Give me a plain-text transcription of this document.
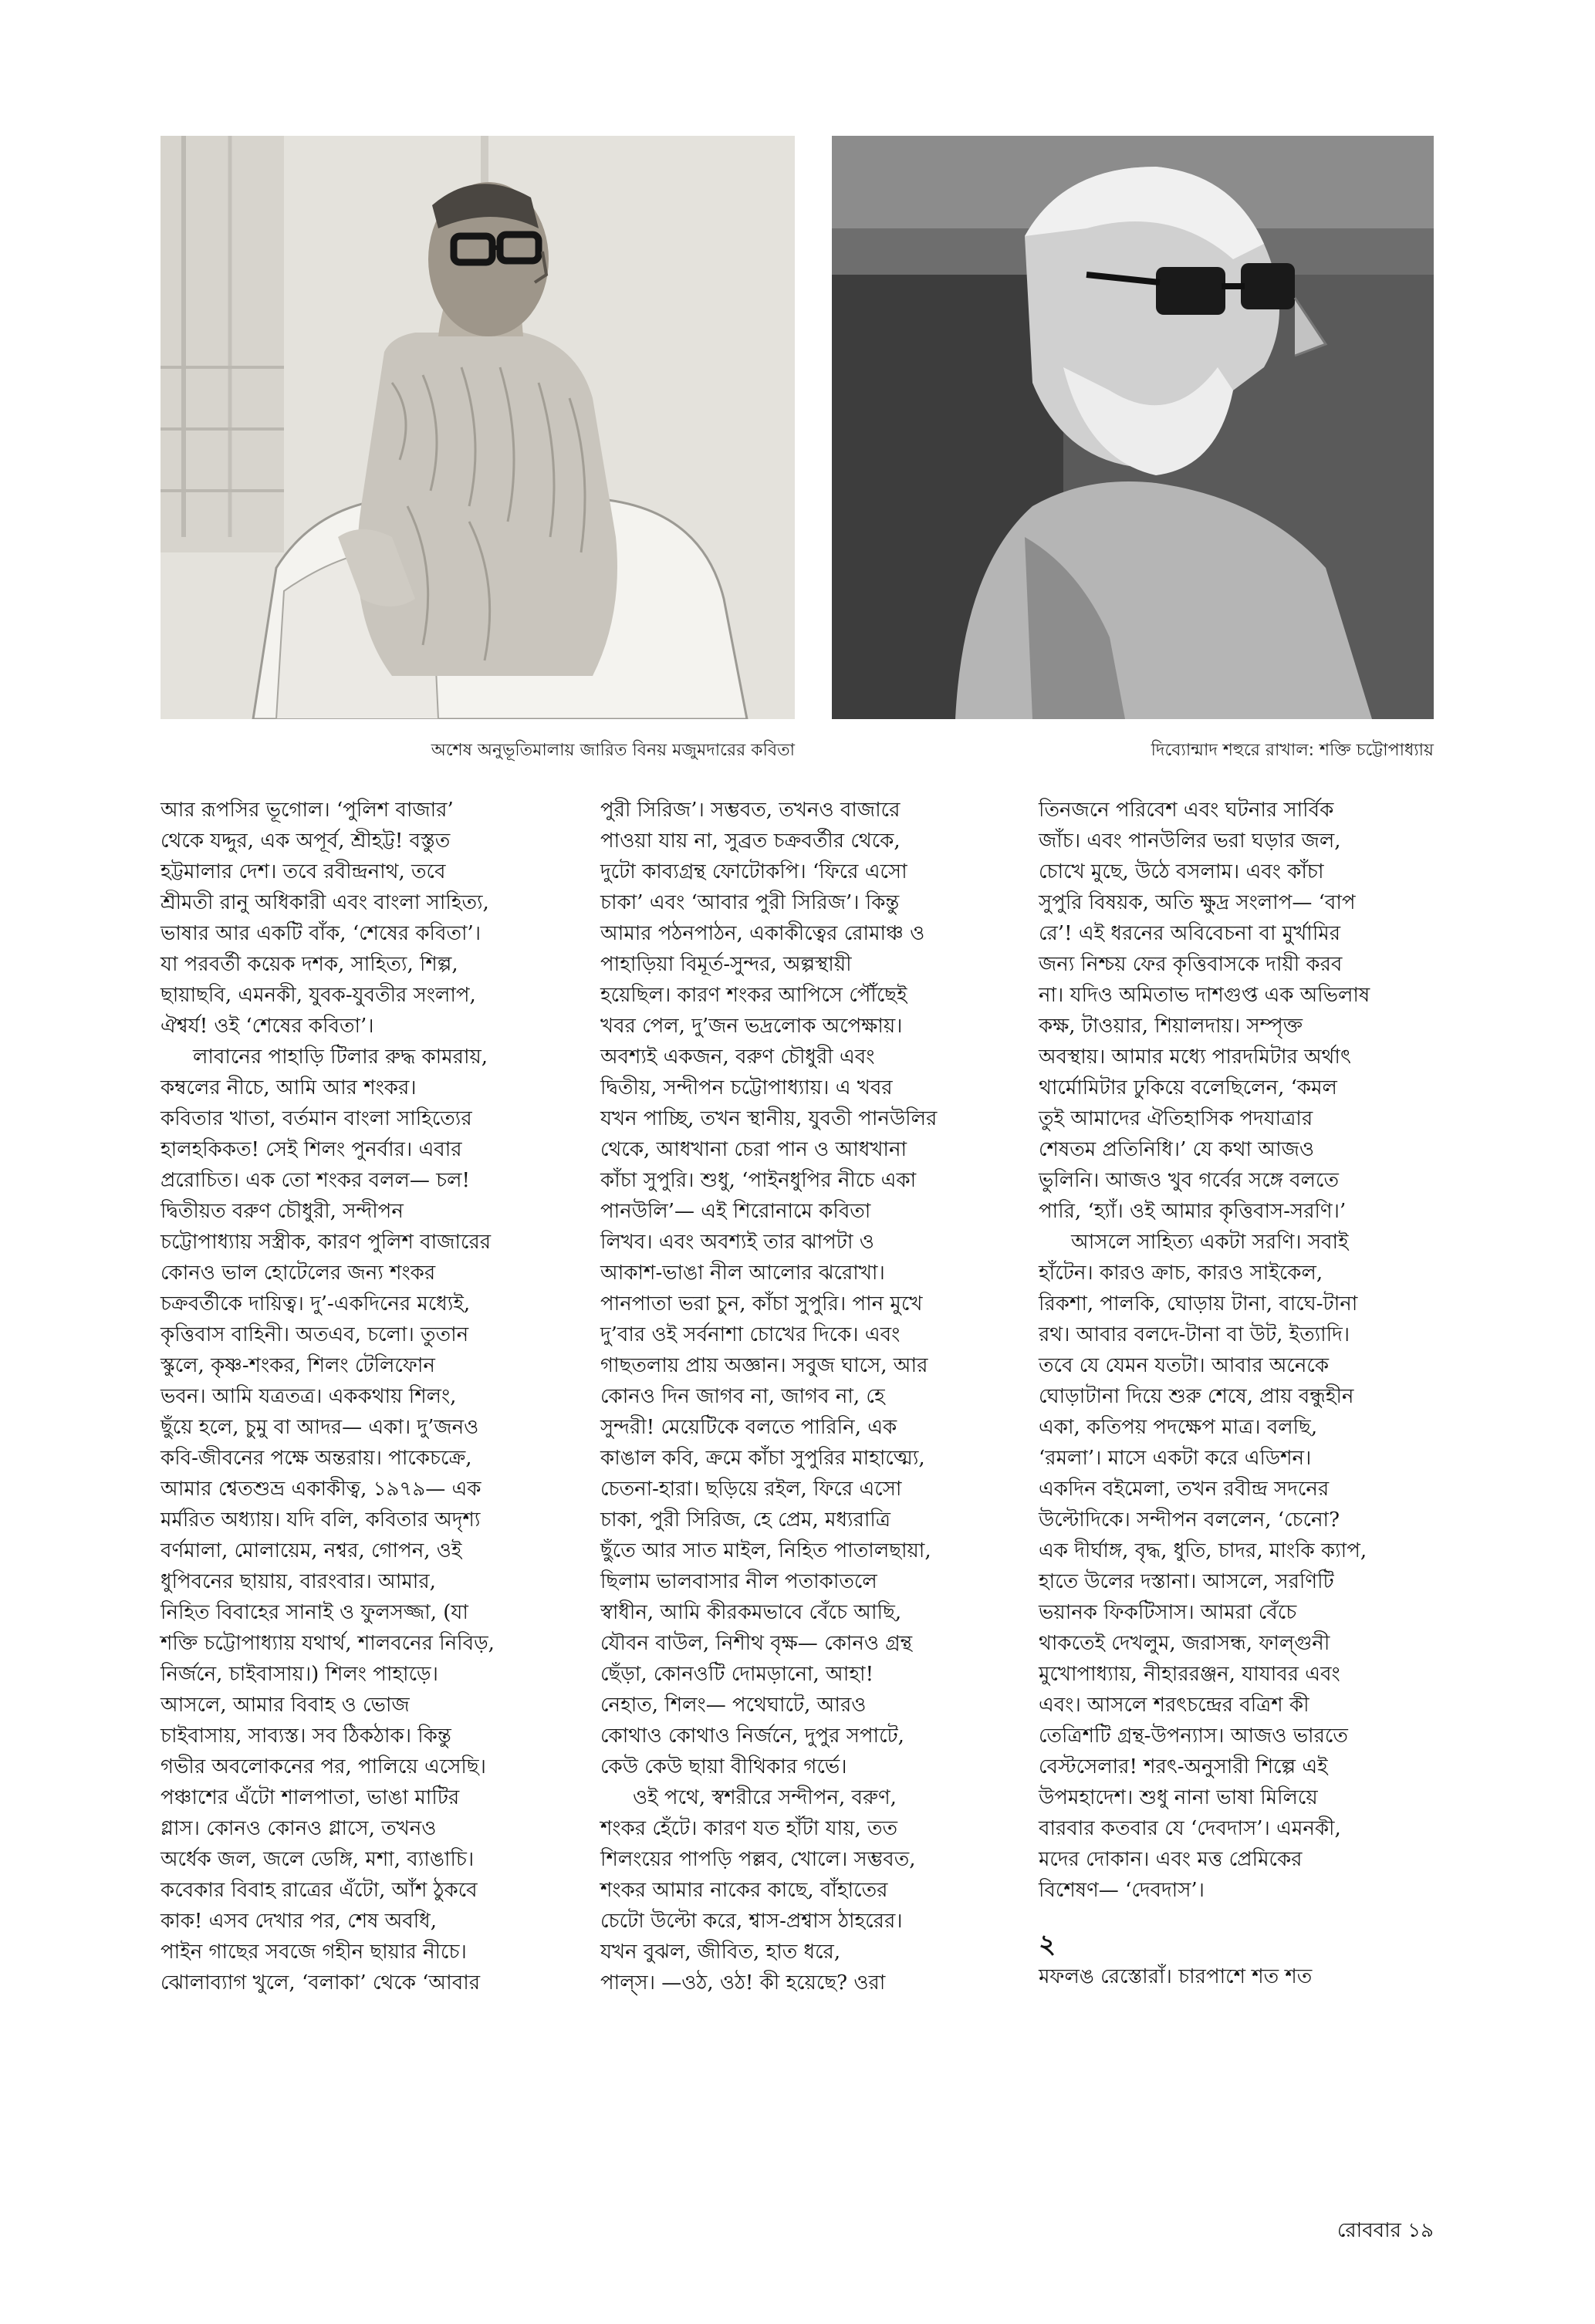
অশেষ অনুভূতিমালায় জারিত বিনয় মজুমদারের কবিতা	দিব্যোন্মাদ শহুরে রাখাল: শক্তি চট্টোপাধ্যায়
আর রূপসির ভূগোল। ‘পুলিশ বাজার’
থেকে যদ্দুর, এক অপূর্ব, শ্রীহট্ট! বস্তুত
হট্টমালার দেশ। তবে রবীন্দ্রনাথ, তবে
শ্রীমতী রানু অধিকারী এবং বাংলা সাহিত্য,
ভাষার আর একটি বাঁক, ‘শেষের কবিতা’।
যা পরবর্তী কয়েক দশক, সাহিত্য, শিল্প,
ছায়াছবি, এমনকী, যুবক-যুবতীর সংলাপ,
ঐশ্বর্য! ওই ‘শেষের কবিতা’।
লাবানের পাহাড়ি টিলার রুদ্ধ কামরায়,
কম্বলের নীচে, আমি আর শংকর।
কবিতার খাতা, বর্তমান বাংলা সাহিত্যের
হালহকিকত! সেই শিলং পুনর্বার। এবার
প্ররোচিত। এক তো শংকর বলল— চল!
দ্বিতীয়ত বরুণ চৌধুরী, সন্দীপন
চট্টোপাধ্যায় সস্ত্রীক, কারণ পুলিশ বাজারের
কোনও ভাল হোটেলের জন্য শংকর
চক্রবর্তীকে দায়িত্ব। দু’-একদিনের মধ্যেই,
কৃত্তিবাস বাহিনী। অতএব, চলো। তুতান
স্কুলে, কৃষ্ণ-শংকর, শিলং টেলিফোন
ভবন। আমি যত্রতত্র। এককথায় শিলং,
ছুঁয়ে হলে, চুমু বা আদর— একা। দু’জনও
কবি-জীবনের পক্ষে অন্তরায়। পাকেচক্রে,
আমার শ্বেতশুভ্র একাকীত্ব, ১৯৭৯— এক
মর্মরিত অধ্যায়। যদি বলি, কবিতার অদৃশ্য
বর্ণমালা, মোলায়েম, নশ্বর, গোপন, ওই
ধুপিবনের ছায়ায়, বারংবার। আমার,
নিহিত বিবাহের সানাই ও ফুলসজ্জা, (যা
শক্তি চট্টোপাধ্যায় যথার্থ, শালবনের নিবিড়,
নির্জনে, চাইবাসায়।) শিলং পাহাড়ে।
আসলে, আমার বিবাহ ও ভোজ
চাইবাসায়, সাব্যস্ত। সব ঠিকঠাক। কিন্তু
গভীর অবলোকনের পর, পালিয়ে এসেছি।
পঞ্চাশের এঁটো শালপাতা, ভাঙা মাটির
গ্লাস। কোনও কোনও গ্লাসে, তখনও
অর্ধেক জল, জলে ডেঙ্গি, মশা, ব্যাঙাচি।
কবেকার বিবাহ রাত্রের এঁটো, আঁশ ঠুকবে
কাক! এসব দেখার পর, শেষ অবধি,
পাইন গাছের সবজে গহীন ছায়ার নীচে।
ঝোলাব্যাগ খুলে, ‘বলাকা’ থেকে ‘আবার
পুরী সিরিজ’। সম্ভবত, তখনও বাজারে
পাওয়া যায় না, সুব্রত চক্রবর্তীর থেকে,
দুটো কাব্যগ্রন্থ ফোটোকপি। ‘ফিরে এসো
চাকা’ এবং ‘আবার পুরী সিরিজ’। কিন্তু
আমার পঠনপাঠন, একাকীত্বের রোমাঞ্চ ও
পাহাড়িয়া বিমূর্ত-সুন্দর, অল্পস্থায়ী
হয়েছিল। কারণ শংকর আপিসে পৌঁছেই
খবর পেল, দু’জন ভদ্রলোক অপেক্ষায়।
অবশ্যই একজন, বরুণ চৌধুরী এবং
দ্বিতীয়, সন্দীপন চট্টোপাধ্যায়। এ খবর
যখন পাচ্ছি, তখন স্থানীয়, যুবতী পানউলির
থেকে, আধখানা চেরা পান ও আধখানা
কাঁচা সুপুরি। শুধু, ‘পাইনধুপির নীচে একা
পানউলি’— এই শিরোনামে কবিতা
লিখব। এবং অবশ্যই তার ঝাপটা ও
আকাশ-ভাঙা নীল আলোর ঝরোখা।
পানপাতা ভরা চুন, কাঁচা সুপুরি। পান মুখে
দু’বার ওই সর্বনাশা চোখের দিকে। এবং
গাছতলায় প্রায় অজ্ঞান। সবুজ ঘাসে, আর
কোনও দিন জাগব না, জাগব না, হে
সুন্দরী! মেয়েটিকে বলতে পারিনি, এক
কাঙাল কবি, ক্রমে কাঁচা সুপুরির মাহাত্ম্যে,
চেতনা-হারা। ছড়িয়ে রইল, ফিরে এসো
চাকা, পুরী সিরিজ, হে প্রেম, মধ্যরাত্রি
ছুঁতে আর সাত মাইল, নিহিত পাতালছায়া,
ছিলাম ভালবাসার নীল পতাকাতলে
স্বাধীন, আমি কীরকমভাবে বেঁচে আছি,
যৌবন বাউল, নিশীথ বৃক্ষ— কোনও গ্রন্থ
ছেঁড়া, কোনওটি দোমড়ানো, আহা!
নেহাত, শিলং— পথেঘাটে, আরও
কোথাও কোথাও নির্জনে, দুপুর সপাটে,
কেউ কেউ ছায়া বীথিকার গর্ভে।
ওই পথে, স্বশরীরে সন্দীপন, বরুণ,
শংকর হেঁটে। কারণ যত হাঁটা যায়, তত
শিলংয়ের পাপড়ি পল্লব, খোলে। সম্ভবত,
শংকর আমার নাকের কাছে, বাঁহাতের
চেটো উল্টো করে, শ্বাস-প্রশ্বাস ঠাহরের।
যখন বুঝল, জীবিত, হাত ধরে,
পাল্‌স। —ওঠ, ওঠ! কী হয়েছে? ওরা
তিনজনে পরিবেশ এবং ঘটনার সার্বিক
জাঁচ। এবং পানউলির ভরা ঘড়ার জল,
চোখে মুছে, উঠে বসলাম। এবং কাঁচা
সুপুরি বিষয়ক, অতি ক্ষুদ্র সংলাপ— ‘বাপ
রে’! এই ধরনের অবিবেচনা বা মুর্খামির
জন্য নিশ্চয় ফের কৃত্তিবাসকে দায়ী করব
না। যদিও অমিতাভ দাশগুপ্ত এক অভিলাষ
কক্ষ, টাওয়ার, শিয়ালদায়। সম্পৃক্ত
অবস্থায়। আমার মধ্যে পারদমিটার অর্থাৎ
থার্মোমিটার ঢুকিয়ে বলেছিলেন, ‘কমল
তুই আমাদের ঐতিহাসিক পদযাত্রার
শেষতম প্রতিনিধি।’ যে কথা আজও
ভুলিনি। আজও খুব গর্বের সঙ্গে বলতে
পারি, ‘হ্যাঁ। ওই আমার কৃত্তিবাস-সরণি।’
আসলে সাহিত্য একটা সরণি। সবাই
হাঁটেন। কারও ক্রাচ, কারও সাইকেল,
রিকশা, পালকি, ঘোড়ায় টানা, বাঘে-টানা
রথ। আবার বলদে-টানা বা উট, ইত্যাদি।
তবে যে যেমন যতটা। আবার অনেকে
ঘোড়াটানা দিয়ে শুরু শেষে, প্রায় বন্ধুহীন
একা, কতিপয় পদক্ষেপ মাত্র। বলছি,
‘রমলা’। মাসে একটা করে এডিশন।
একদিন বইমেলা, তখন রবীন্দ্র সদনের
উল্টোদিকে। সন্দীপন বললেন, ‘চেনো?
এক দীর্ঘাঙ্গ, বৃদ্ধ, ধুতি, চাদর, মাংকি ক্যাপ,
হাতে উলের দস্তানা। আসলে, সরণিটি
ভয়ানক ফিকটিসাস। আমরা বেঁচে
থাকতেই দেখলুম, জরাসন্ধ, ফাল্গুনী
মুখোপাধ্যায়, নীহাররঞ্জন, যাযাবর এবং
এবং। আসলে শরৎচন্দ্রের বত্রিশ কী
তেত্রিশটি গ্রন্থ-উপন্যাস। আজও ভারতে
বেস্টসেলার! শরৎ-অনুসারী শিল্পে এই
উপমহাদেশ। শুধু নানা ভাষা মিলিয়ে
বারবার কতবার যে ‘দেবদাস’। এমনকী,
মদের দোকান। এবং মত্ত প্রেমিকের
বিশেষণ— ‘দেবদাস’।
২
মফলঙ রেস্তোরাঁ। চারপাশে শত শত
রোববার ১৯
